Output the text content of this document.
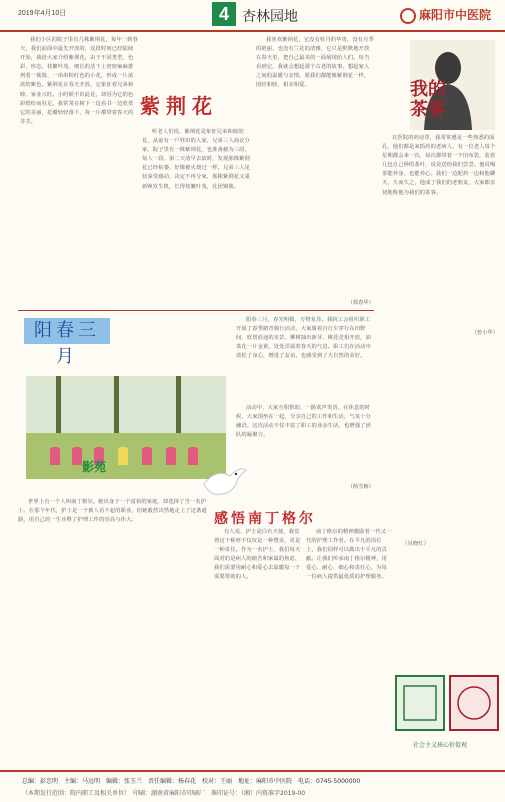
2019年4月10日	4 杏林园地	麻阳市中医院

我们小区的院子里有几株紫荆花，每年一到春天，我们前面中最先开放的，这段时间已经陆续开始，我给大家介绍紫荆花，由于不同类型、色彩、形态，枝繁叶茂、细长的茎干上密密麻麻排列着一簇簇、一串串粉红色的小花，形成一片浓浓的紫色。紫荆花在春天开放，它象征着兄弟和睦、家业兴旺。小时候不识此花，却因为它的色彩缤纷而驻足。我常常在树下一边看书一边欣赏它的美丽，花瓣轻轻落下，每一片都带着春天的芬芳。

紫荆花

听老人们说，紫荆花是象征兄弟和睦的花，从前有一户姓田的人家，兄弟三人商议分家，院子里有一株紫荆花，也准备截为三段，每人一段。第二天清早去砍时，发现那株紫荆花已经枯萎，好像被火烧过一样。兄弟三人见状深受感动，决定不再分家，那株紫荆花又重新焕发生机，长得枝繁叶茂，花团锦簇。

我喜欢紫荆花，它没有牡丹的华贵，没有月季的艳丽，也没有兰花的清雅，它只是默默地开放在春天里，把自己最美的一面展现给人们。每当看到它，我就会想起那个古老的故事，想起家人之间的温暖与亲情。愿我们都能像紫荆花一样，团结和睦，相亲相爱。

（郑春华）
我的茶客

在医院的药房里，我常常遇见一些熟悉的面孔，他们都是来抓药的老病人。有一位老人每个星期都会来一次，每次都带着一个旧布袋，装着几包自己种的茶叶，说是送给我们尝尝。他说喝茶能养身，也能养心。我们一边配药一边和他聊天，久而久之，他成了我们的老朋友，大家都亲切地称他为我们的茶客。

（曾小华）
阳春三月

阳春三月，春光明媚，万物复苏。我院工会组织职工开展了春季踏青骑行活动，大家骑着自行车穿行在田野间，欣赏沿途的美景。柳树抽出新芽，桃花竞相开放，油菜花一片金黄，处处洋溢着春天的气息。职工们在活动中放松了身心，增进了友谊，也感受到了大自然的美好。

影苑

活动中，大家互相帮助，一路欢声笑语。在休息的时候，大家围坐在一起，分享自己的工作和生活，气氛十分融洽。这次活动不仅丰富了职工的业余生活，也增强了团队的凝聚力。

（杨雪梅）
感悟南丁格尔

世界上有一个人叫南丁格尔。她出身于一个富裕的家庭，却选择了当一名护士。在那个年代，护士是一个被人看不起的职业，但她毅然决然地走上了这条道路，用自己的一生诠释了护理工作的崇高与伟大。

有人说，护士是白衣天使，我觉得这个称呼不仅仅是一种赞美，更是一种责任。作为一名护士，我们每天面对的是病人的痛苦和家属的焦虑，我们需要用耐心和爱心去温暖每一个需要帮助的人。

南丁格尔的精神激励着一代又一代的护理工作者。在平凡的岗位上，我们同样可以做出不平凡的贡献。让我们传承南丁格尔精神，用爱心、耐心、细心和责任心，为每一位病人提供最优质的护理服务。

（吴晓红）

社会主义核心价值观
总编：彭忠明　主编：马远明　编辑：张玉兰　责任编辑：杨春花　校对：王丽　地址：麻阳市中医院　电话：0745-5000000
（本期发行范围：院内职工及相关单位）　印刷：湖南省麻阳市印刷厂　准印证号：（湘）内资准字2019-00
